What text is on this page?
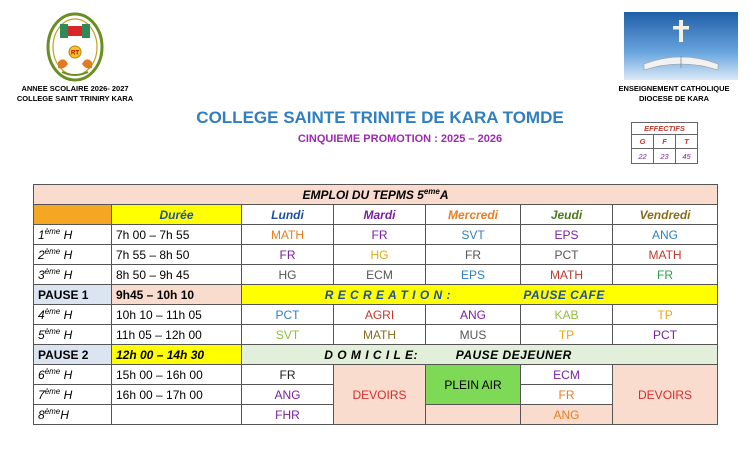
RT
ANNEE SCOLAIRE 2026- 2027
COLLEGE SAINT TRINIRY KARA
ENSEIGNEMENT CATHOLIQUE
DIOCESE DE KARA
COLLEGE SAINTE TRINITE DE KARA TOMDE
CINQUIEME PROMOTION : 2025 – 2026
EFFECTIFS		
G	F	T
22	23	45
EMPLOI DU TEPMS 5emeA						
	Durée	Lundi	Mardi	Mercredi	Jeudi	Vendredi
1ème H	7h 00 – 7h 55	MATH	FR	SVT	EPS	ANG
2ème H	7h 55 – 8h 50	FR	HG	FR	PCT	MATH
3ème H	8h 50 – 9h 45	HG	ECM	EPS	MATH	FR
PAUSE 1	9h45 – 10h 10	R E C R E A T I O N : PAUSE CAFE				
4ème H	10h 10 – 11h 05	PCT	AGRI	ANG	KAB	TP
5ème H	11h 05 – 12h 00	SVT	MATH	MUS	TP	PCT
PAUSE 2	12h 00 – 14h 30	D O M I C I L E: PAUSE DEJEUNER				
6ème H	15h 00 – 16h 00	FR	DEVOIRS	PLEIN AIR	ECM	DEVOIRS
7ème H	16h 00 – 17h 00	ANG			FR	
8èmeH		FHR			ANG	
